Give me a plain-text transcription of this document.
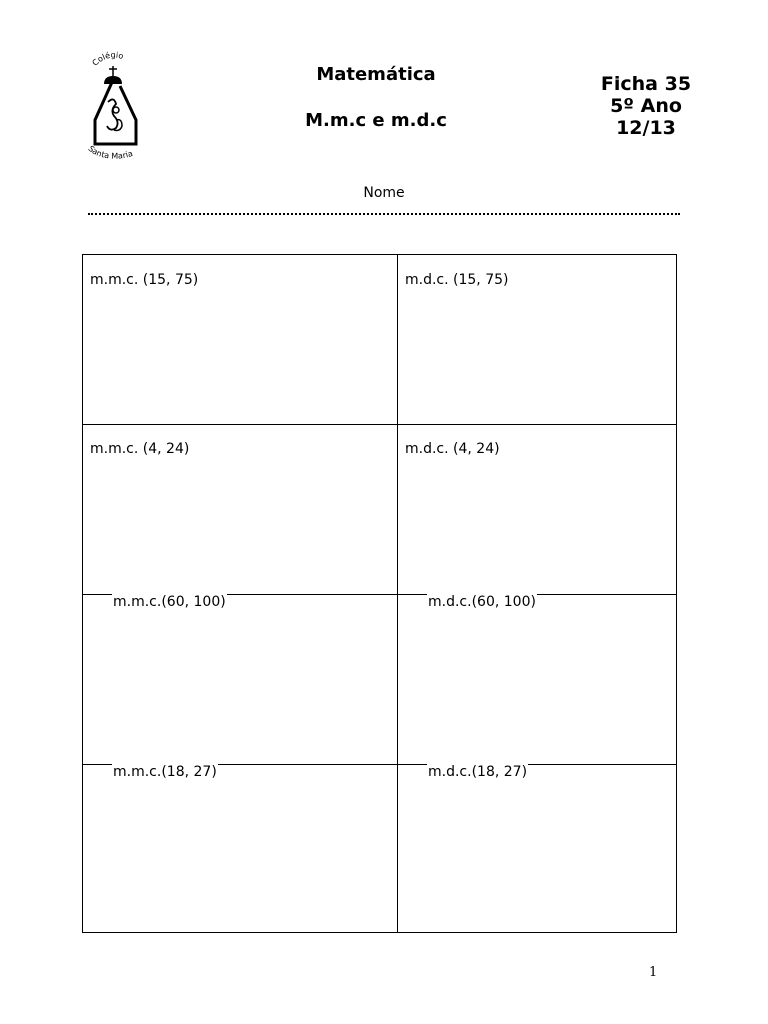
Colégio
Santa Maria
Matemática
M.m.c e m.d.c
Ficha 35
5º Ano
12/13
Nome
m.m.c. (15, 75)	m.d.c. (15, 75)
m.m.c. (4, 24)	m.d.c. (4, 24)
m.m.c.(60, 100)	m.d.c.(60, 100)
m.m.c.(18, 27)	m.d.c.(18, 27)
1
